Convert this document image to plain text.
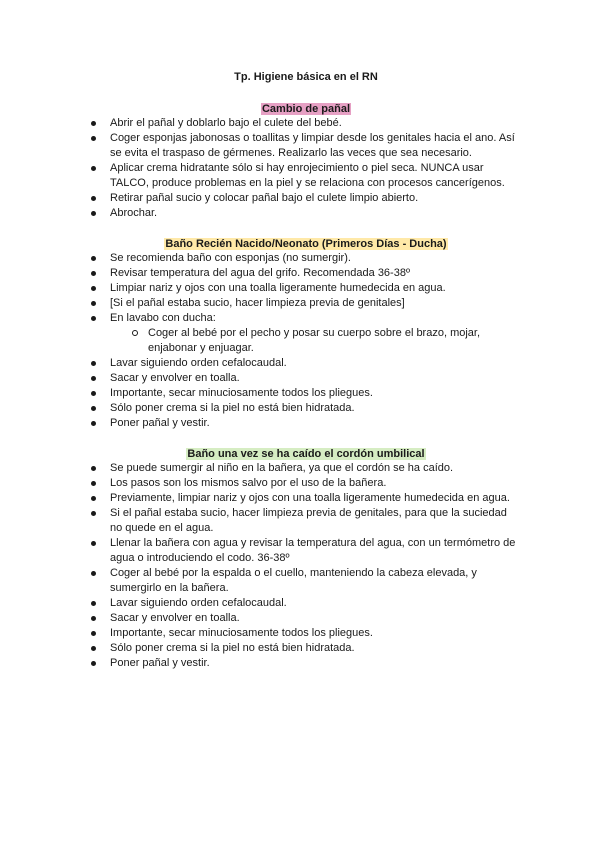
Tp. Higiene básica en el RN
Cambio de pañal
Abrir el pañal y doblarlo bajo el culete del bebé.
Coger esponjas jabonosas o toallitas y limpiar desde los genitales hacia el ano. Así se evita el traspaso de gérmenes. Realizarlo las veces que sea necesario.
Aplicar crema hidratante sólo si hay enrojecimiento o piel seca. NUNCA usar TALCO, produce problemas en la piel y se relaciona con procesos cancerígenos.
Retirar pañal sucio y colocar pañal bajo el culete limpio abierto.
Abrochar.
Baño Recién Nacido/Neonato (Primeros Días - Ducha)
Se recomienda baño con esponjas (no sumergir).
Revisar temperatura del agua del grifo. Recomendada 36-38º
Limpiar nariz y ojos con una toalla ligeramente humedecida en agua.
[Si el pañal estaba sucio, hacer limpieza previa de genitales]
En lavabo con ducha:
Coger al bebé por el pecho y posar su cuerpo sobre el brazo, mojar, enjabonar y enjuagar.
Lavar siguiendo orden cefalocaudal.
Sacar y envolver en toalla.
Importante, secar minuciosamente todos los pliegues.
Sólo poner crema si la piel no está bien hidratada.
Poner pañal y vestir.
Baño una vez se ha caído el cordón umbilical
Se puede sumergir al niño en la bañera, ya que el cordón se ha caído.
Los pasos son los mismos salvo por el uso de la bañera.
Previamente, limpiar nariz y ojos con una toalla ligeramente humedecida en agua.
Si el pañal estaba sucio, hacer limpieza previa de genitales, para que la suciedad no quede en el agua.
Llenar la bañera con agua y revisar la temperatura del agua, con un termómetro de agua o introduciendo el codo. 36-38º
Coger al bebé por la espalda o el cuello, manteniendo la cabeza elevada, y sumergirlo en la bañera.
Lavar siguiendo orden cefalocaudal.
Sacar y envolver en toalla.
Importante, secar minuciosamente todos los pliegues.
Sólo poner crema si la piel no está bien hidratada.
Poner pañal y vestir.
